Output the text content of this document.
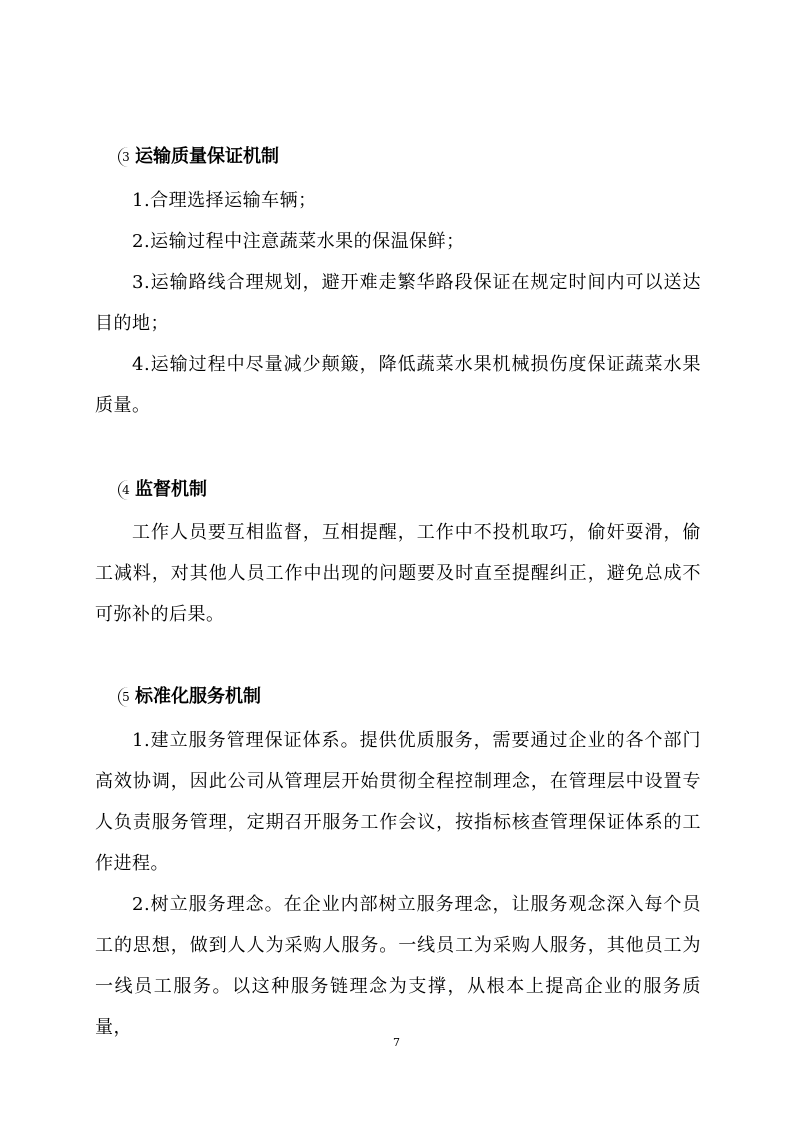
3 运输质量保证机制
1.合理选择运输车辆；
2.运输过程中注意蔬菜水果的保温保鲜；
3.运输路线合理规划，避开难走繁华路段保证在规定时间内可以送达目的地；
4.运输过程中尽量减少颠簸，降低蔬菜水果机械损伤度保证蔬菜水果质量。
4 监督机制
工作人员要互相监督，互相提醒，工作中不投机取巧，偷奸耍滑，偷工减料，对其他人员工作中出现的问题要及时直至提醒纠正，避免总成不可弥补的后果。
5 标准化服务机制
1.建立服务管理保证体系。提供优质服务，需要通过企业的各个部门高效协调，因此公司从管理层开始贯彻全程控制理念，在管理层中设置专人负责服务管理，定期召开服务工作会议，按指标核查管理保证体系的工作进程。
2.树立服务理念。在企业内部树立服务理念，让服务观念深入每个员工的思想，做到人人为采购人服务。一线员工为采购人服务，其他员工为一线员工服务。以这种服务链理念为支撑，从根本上提高企业的服务质量，
7
